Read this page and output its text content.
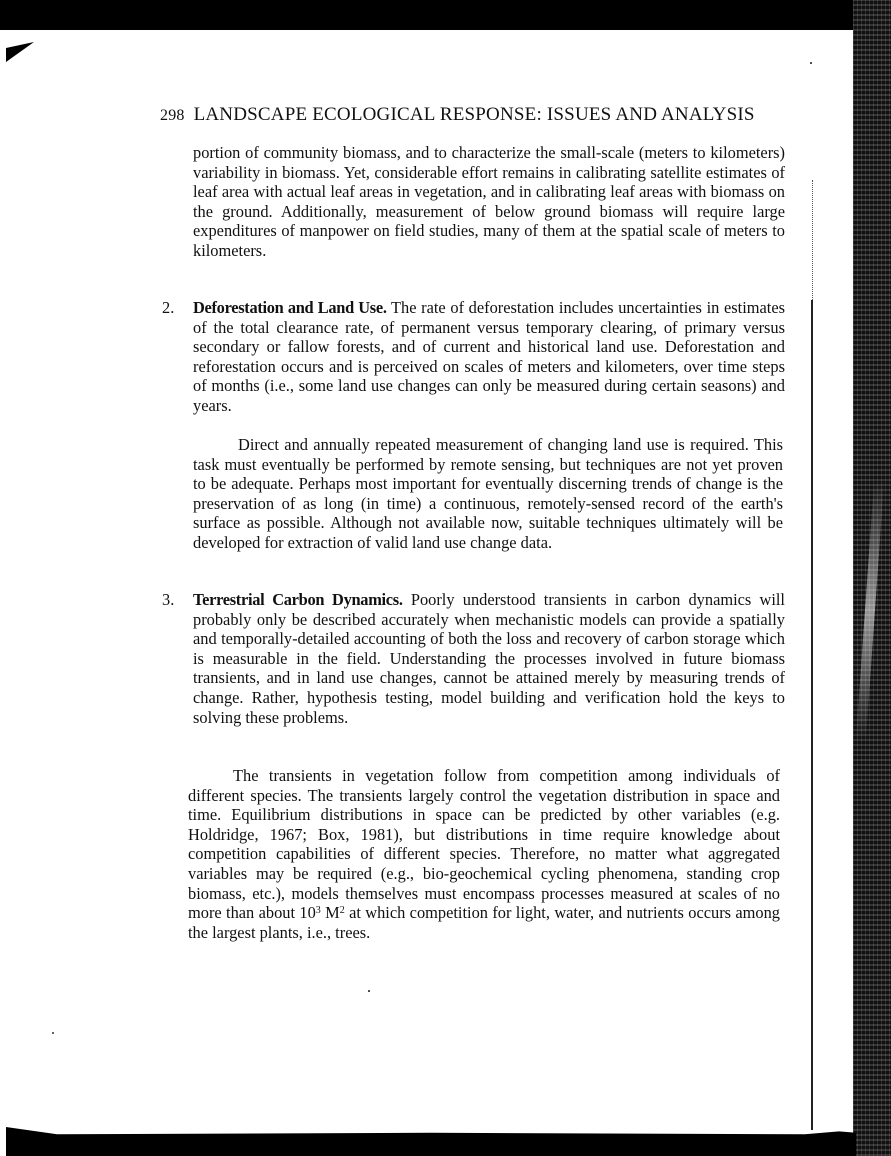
298 LANDSCAPE ECOLOGICAL RESPONSE: ISSUES AND ANALYSIS
portion of community biomass, and to characterize the small-scale (meters to kilometers) variability in biomass. Yet, considerable effort remains in calibrating satellite estimates of leaf area with actual leaf areas in vegetation, and in calibrating leaf areas with biomass on the ground. Additionally, measurement of below ground biomass will require large expenditures of manpower on field studies, many of them at the spatial scale of meters to kilometers.
2. Deforestation and Land Use. The rate of deforestation includes uncertainties in estimates of the total clearance rate, of permanent versus temporary clearing, of primary versus secondary or fallow forests, and of current and historical land use. Deforestation and reforestation occurs and is perceived on scales of meters and kilometers, over time steps of months (i.e., some land use changes can only be measured during certain seasons) and years.
Direct and annually repeated measurement of changing land use is required. This task must eventually be performed by remote sensing, but techniques are not yet proven to be adequate. Perhaps most important for eventually discerning trends of change is the preservation of as long (in time) a continuous, remotely-sensed record of the earth's surface as possible. Although not available now, suitable techniques ultimately will be developed for extraction of valid land use change data.
3. Terrestrial Carbon Dynamics. Poorly understood transients in carbon dynamics will probably only be described accurately when mechanistic models can provide a spatially and temporally-detailed accounting of both the loss and recovery of carbon storage which is measurable in the field. Understanding the processes involved in future biomass transients, and in land use changes, cannot be attained merely by measuring trends of change. Rather, hypothesis testing, model building and verification hold the keys to solving these problems.
The transients in vegetation follow from competition among individuals of different species. The transients largely control the vegetation distribution in space and time. Equilibrium distributions in space can be predicted by other variables (e.g. Holdridge, 1967; Box, 1981), but distributions in time require knowledge about competition capabilities of different species. Therefore, no matter what aggregated variables may be required (e.g., bio-geochemical cycling phenomena, standing crop biomass, etc.), models themselves must encompass processes measured at scales of no more than about $10^3$ $M^2$ at which competition for light, water, and nutrients occurs among the largest plants, i.e., trees.
